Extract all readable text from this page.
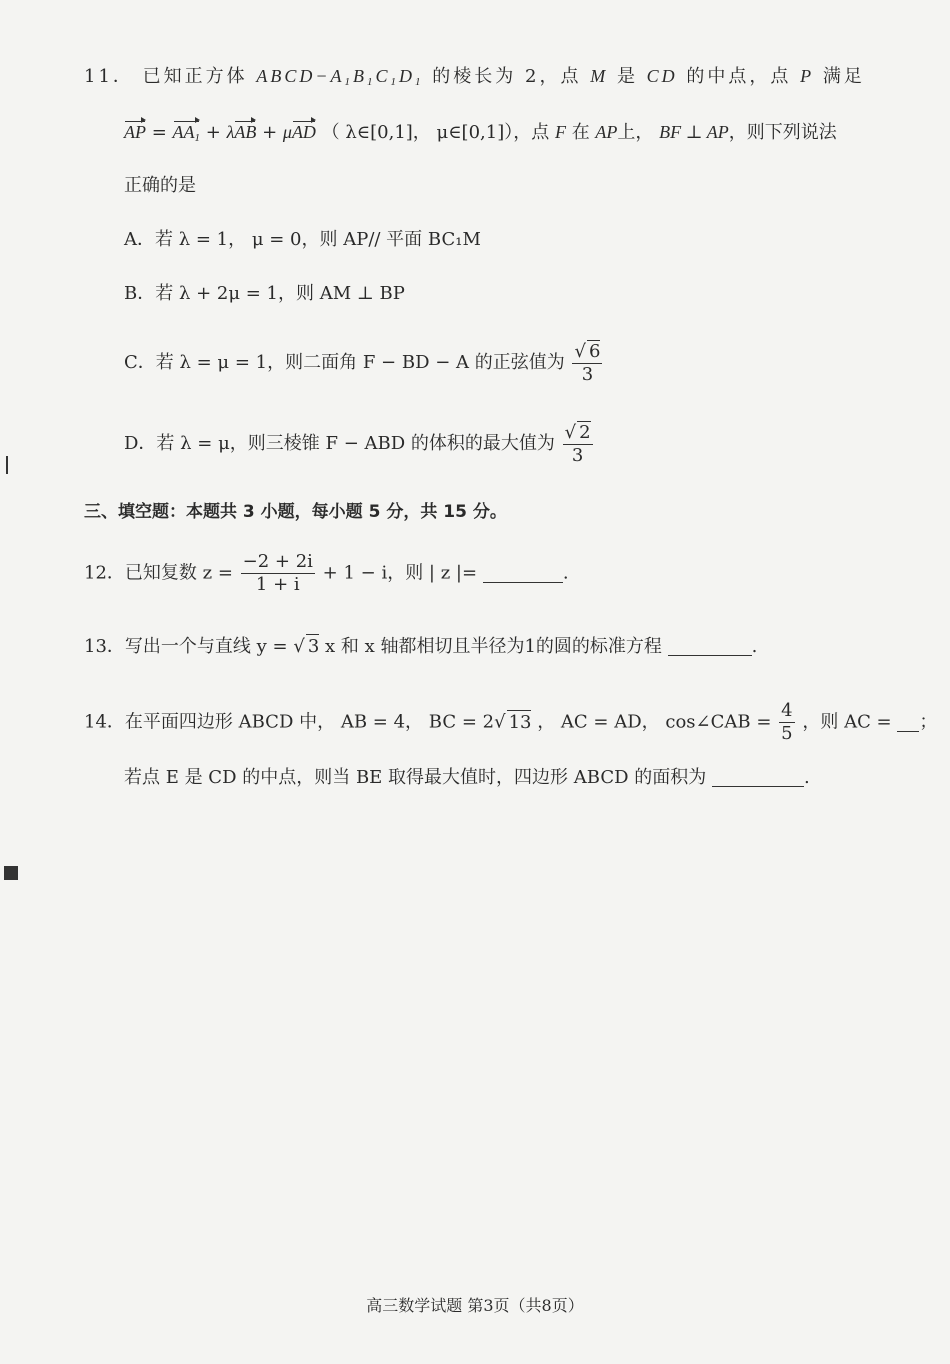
11． 已知正方体 $ABCD-A_1B_1C_1D_1$ 的棱长为 2，点 M 是 CD 的中点，点 P 满足
AP = $AA_1 + \lambda AB + \mu AD$ （ λ∈[0,1]， μ∈[0,1]），点 F 在 AP上， BF ⊥ AP，则下列说法
正确的是
A．若 λ = 1， μ = 0，则 AP// 平面 BC₁M
B．若 λ + 2μ = 1，则 AM ⊥ BP
C．若 λ = μ = 1，则二面角 F − BD − A 的正弦值为 $\frac{√ 6}{3}$
D．若 λ = μ，则三棱锥 F − ABD 的体积的最大值为 $\frac{√ 2}{3}$
三、填空题：本题共 3 小题，每小题 5 分，共 15 分。
12．已知复数 $z = \frac{-2 + 2i}{1 + i} + 1 - i$，则 | z |=	.
13．写出一个与直线 y = √ 3 x 和 x 轴都相切且半径为1的圆的标准方程	.
14．在平面四边形 ABCD 中， AB = 4， BC = 2√ 13 ， AC = AD， cos∠CAB = $\frac{4}{5}$ ，则 AC = ；
若点 E 是 CD 的中点，则当 BE 取得最大值时，四边形 ABCD 的面积为	.
高三数学试题 第3页（共8页）
